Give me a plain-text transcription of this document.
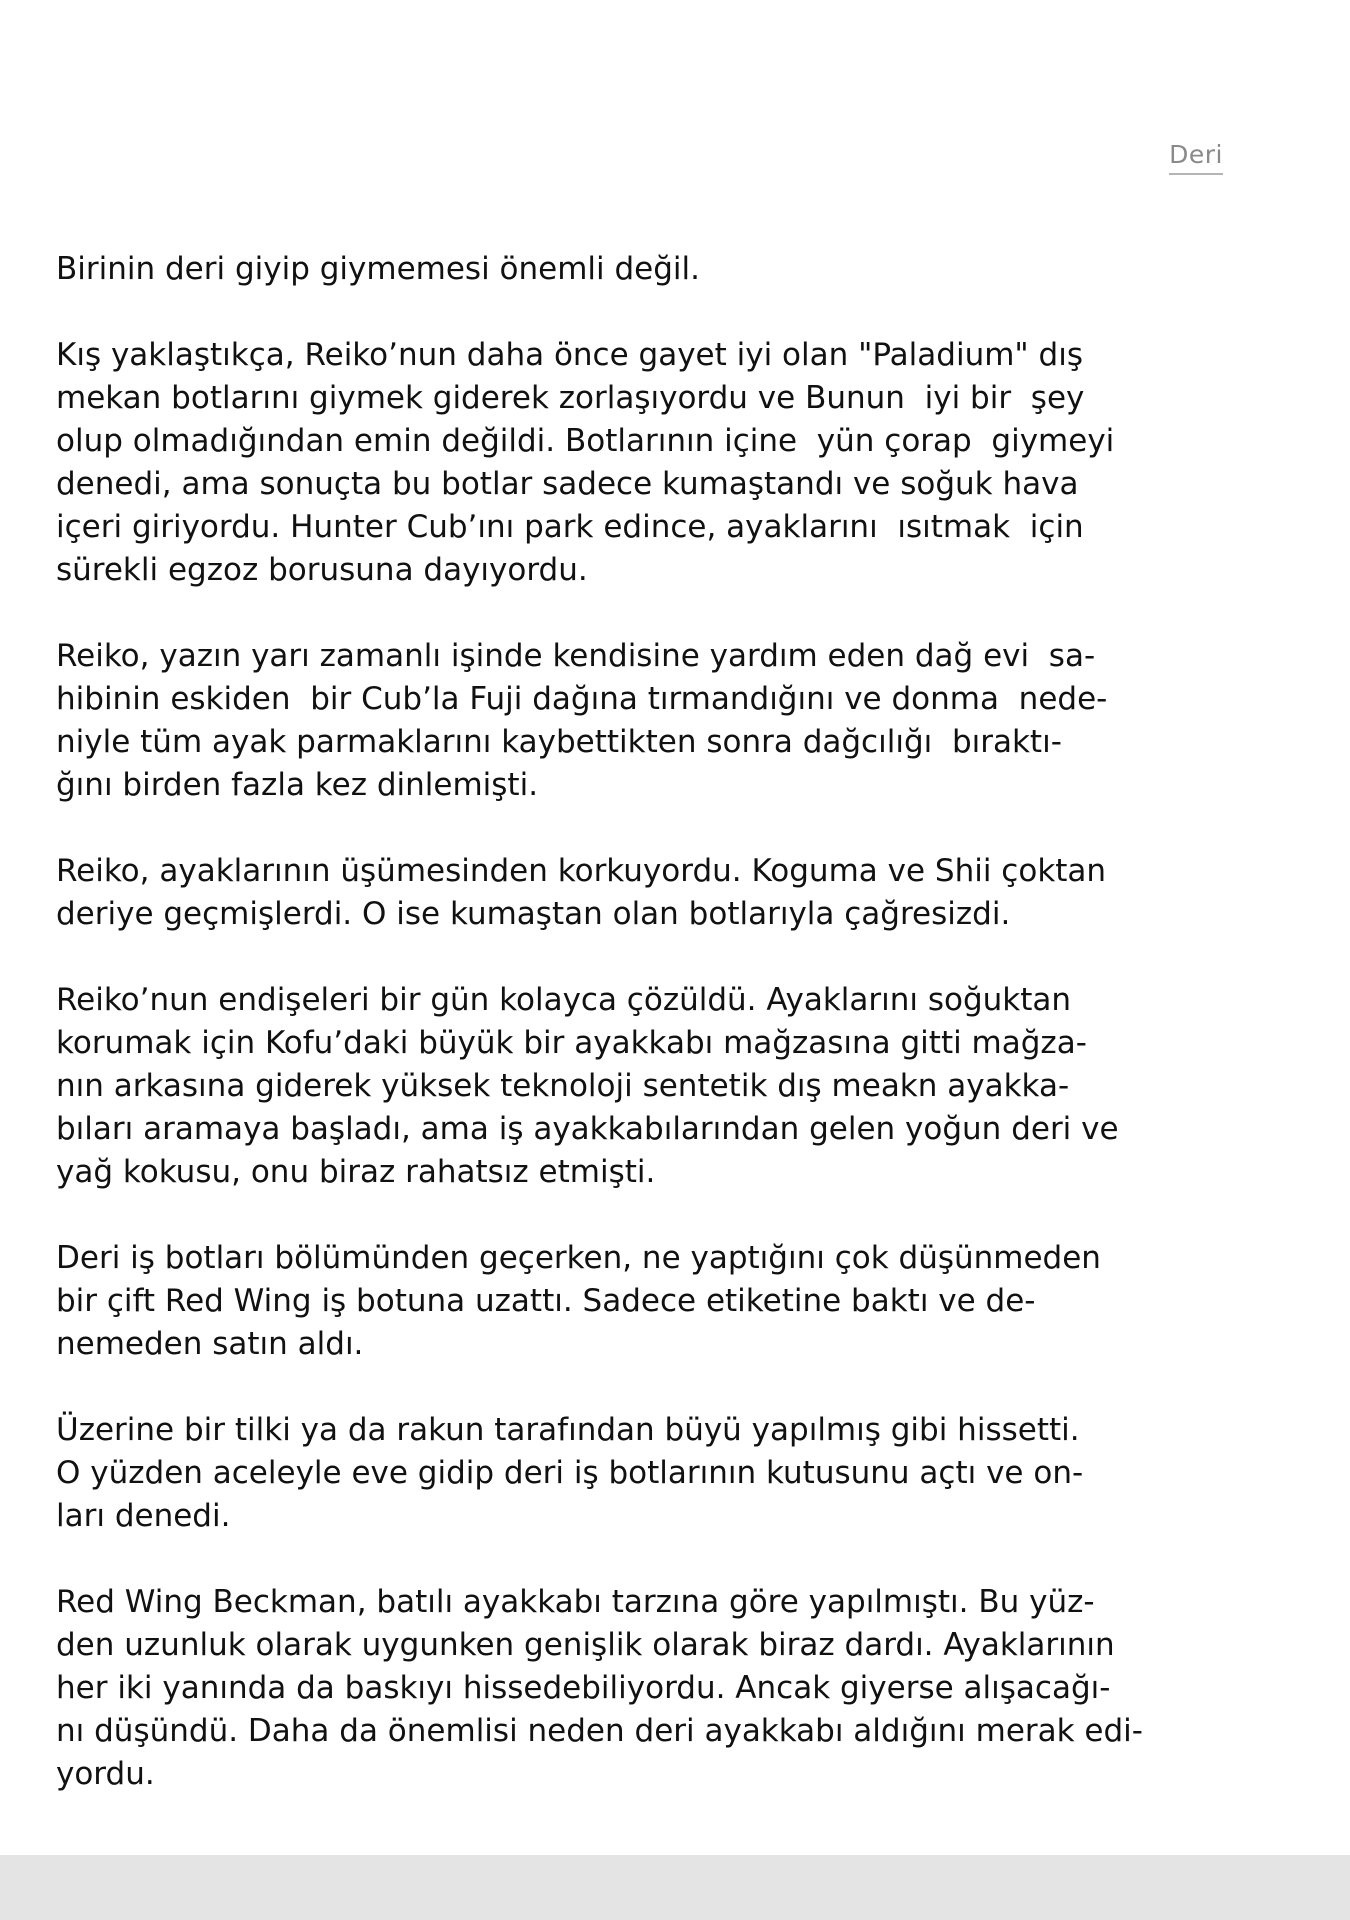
Deri

Birinin deri giyip giymemesi önemli değil.

Kış yaklaştıkça, Reiko’nun daha önce gayet iyi olan "Paladium" dış
mekan botlarını giymek giderek zorlaşıyordu ve Bunun  iyi bir  şey
olup olmadığından emin değildi. Botlarının içine  yün çorap  giymeyi
denedi, ama sonuçta bu botlar sadece kumaştandı ve soğuk hava
içeri giriyordu. Hunter Cub’ını park edince, ayaklarını  ısıtmak  için
sürekli egzoz borusuna dayıyordu.

Reiko, yazın yarı zamanlı işinde kendisine yardım eden dağ evi  sa-
hibinin eskiden  bir Cub’la Fuji dağına tırmandığını ve donma  nede-
niyle tüm ayak parmaklarını kaybettikten sonra dağcılığı  bıraktı-
ğını birden fazla kez dinlemişti.

Reiko, ayaklarının üşümesinden korkuyordu. Koguma ve Shii çoktan
deriye geçmişlerdi. O ise kumaştan olan botlarıyla çağresizdi.

Reiko’nun endişeleri bir gün kolayca çözüldü. Ayaklarını soğuktan
korumak için Kofu’daki büyük bir ayakkabı mağzasına gitti mağza-
nın arkasına giderek yüksek teknoloji sentetik dış meakn ayakka-
bıları aramaya başladı, ama iş ayakkabılarından gelen yoğun deri ve
yağ kokusu, onu biraz rahatsız etmişti.

Deri iş botları bölümünden geçerken, ne yaptığını çok düşünmeden
bir çift Red Wing iş botuna uzattı. Sadece etiketine baktı ve de-
nemeden satın aldı.

Üzerine bir tilki ya da rakun tarafından büyü yapılmış gibi hissetti.
O yüzden aceleyle eve gidip deri iş botlarının kutusunu açtı ve on-
ları denedi.

Red Wing Beckman, batılı ayakkabı tarzına göre yapılmıştı. Bu yüz-
den uzunluk olarak uygunken genişlik olarak biraz dardı. Ayaklarının
her iki yanında da baskıyı hissedebiliyordu. Ancak giyerse alışacağı-
nı düşündü. Daha da önemlisi neden deri ayakkabı aldığını merak edi-
yordu.
